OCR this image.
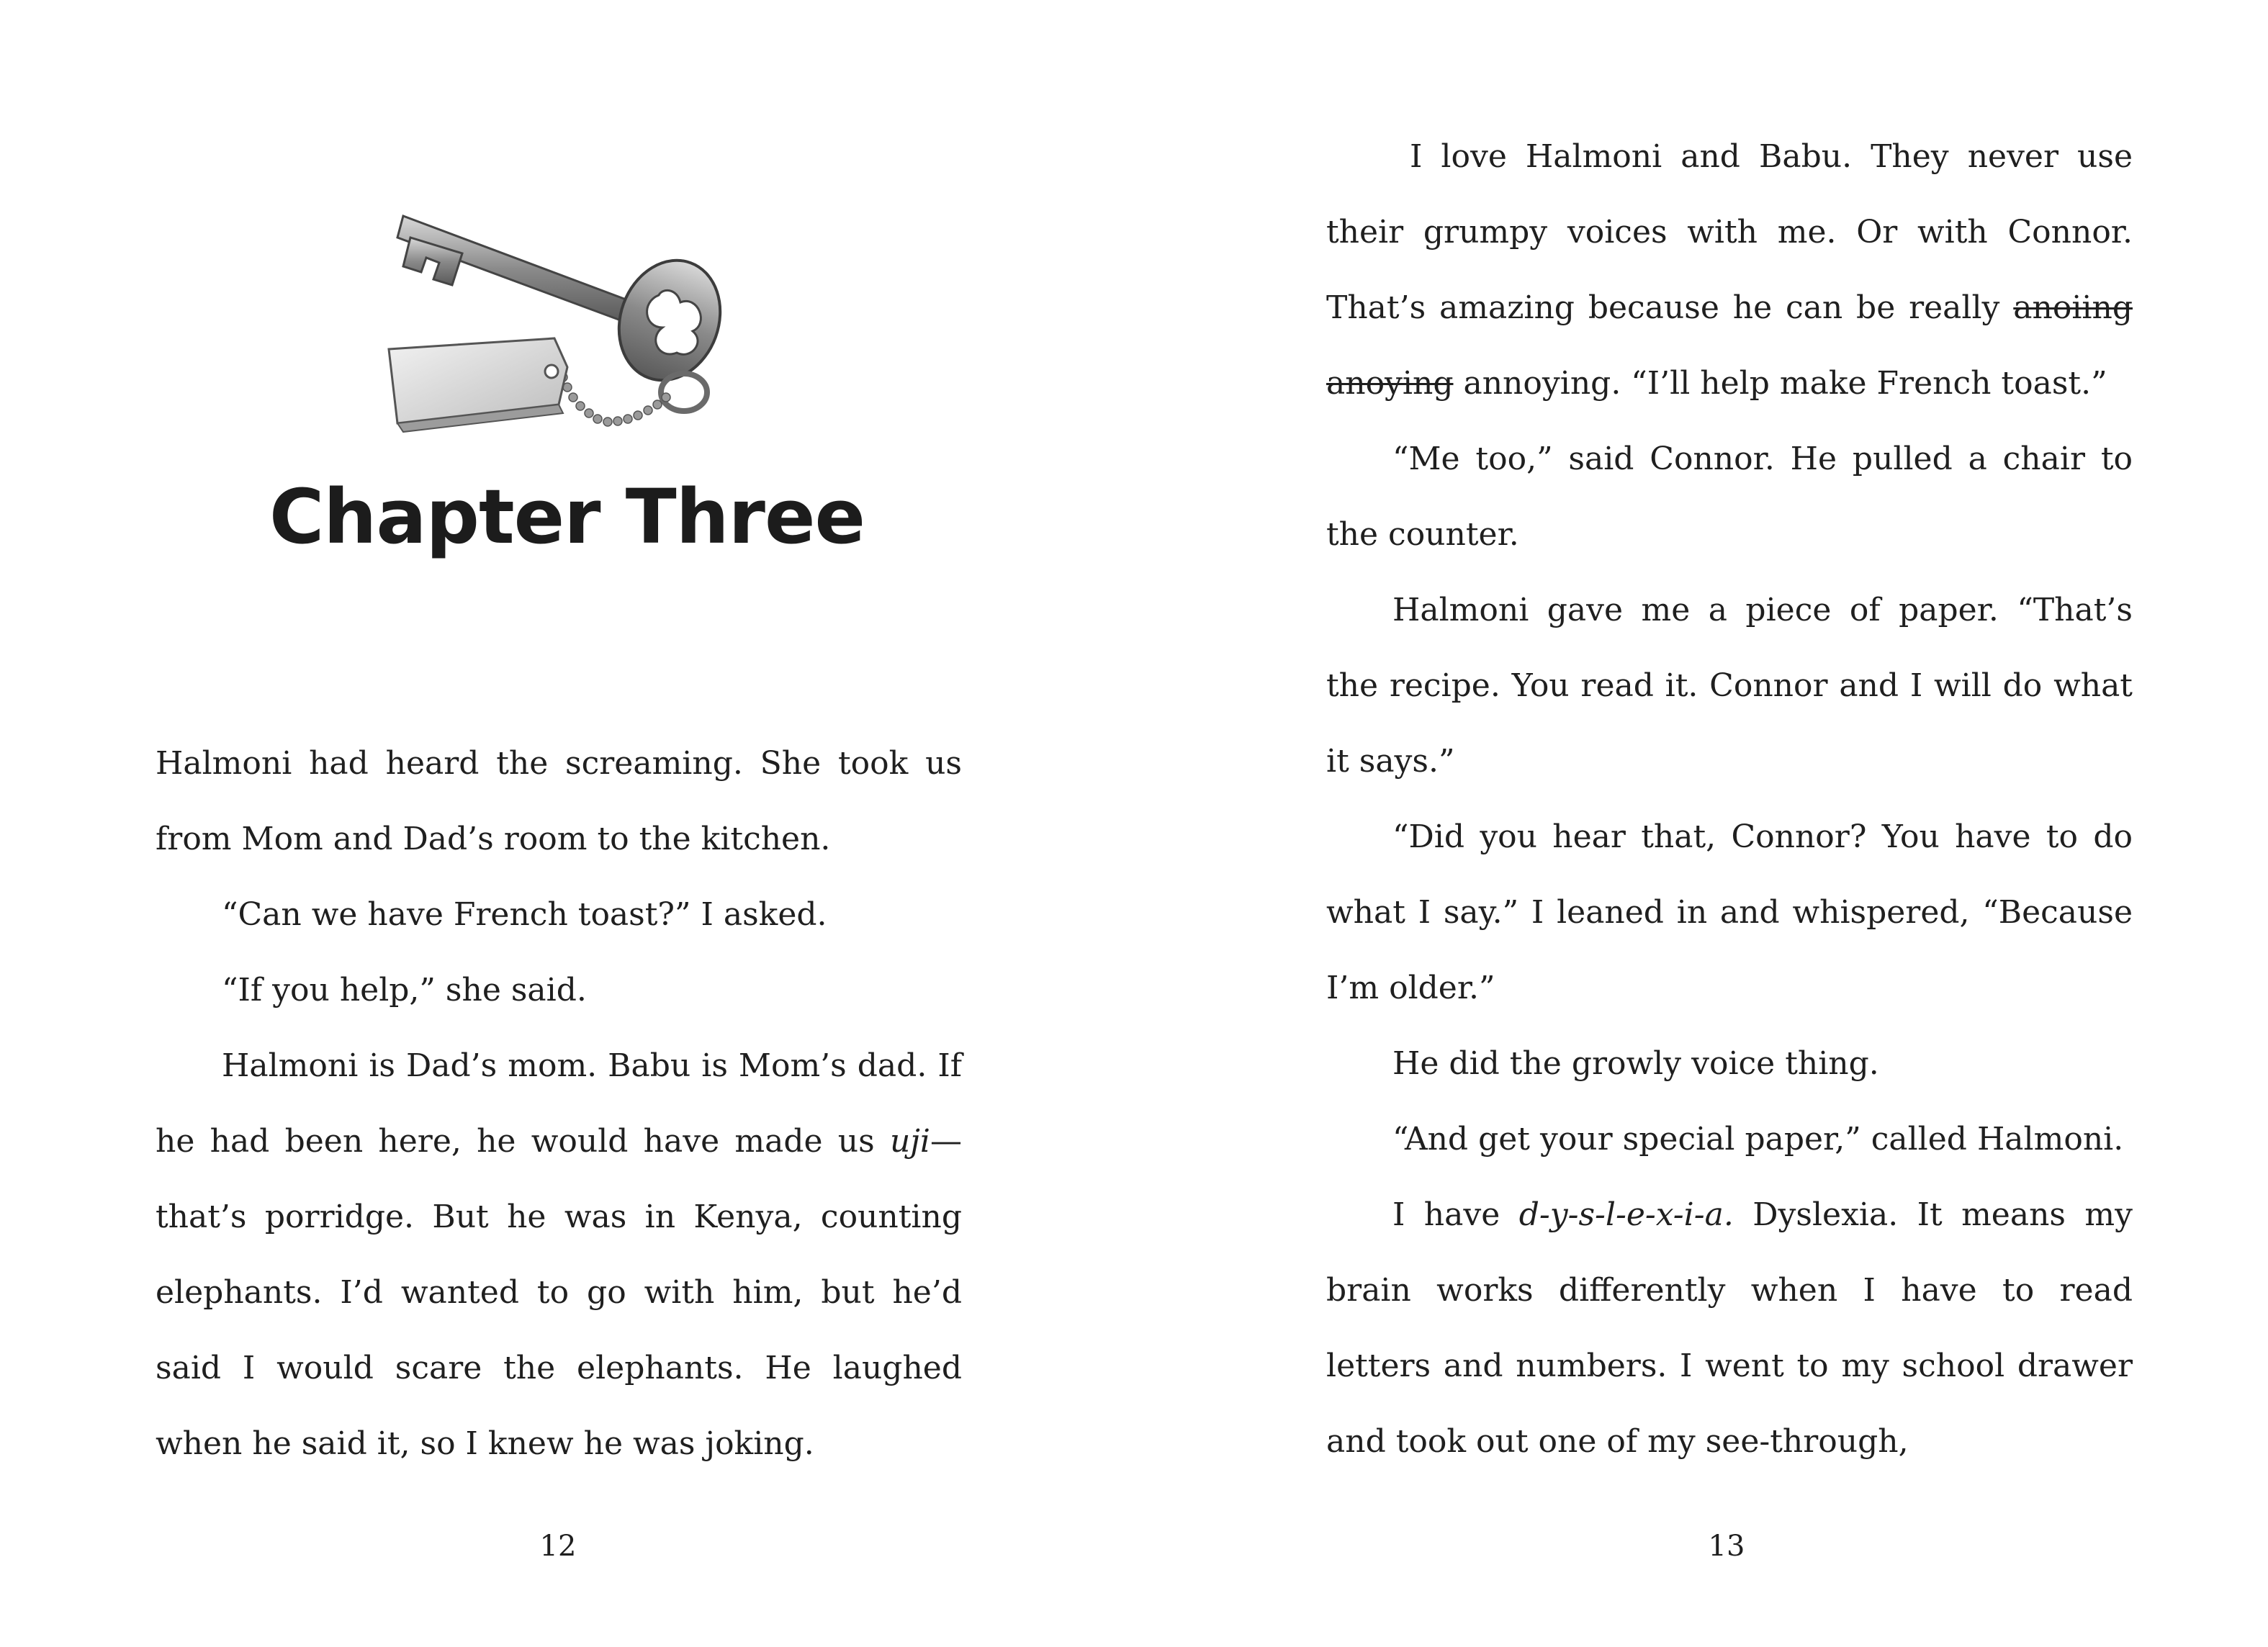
Chapter Three

Halmoni had heard the screaming. She took us from Mom and Dad’s room to the kitchen.

“Can we have French toast?” I asked.

“If you help,” she said.

Halmoni is Dad’s mom. Babu is Mom’s dad. If he had been here, he would have made us uji— that’s porridge. But he was in Kenya, counting elephants. I’d wanted to go with him, but he’d said I would scare the elephants. He laughed when he said it, so I knew he was joking.

12

I love Halmoni and Babu. They never use their grumpy voices with me. Or with Connor. That’s amazing because he can be really anoiing anoying annoying. “I’ll help make French toast.”

“Me too,” said Connor. He pulled a chair to the counter.

Halmoni gave me a piece of paper. “That’s the recipe. You read it. Connor and I will do what it says.”

“Did you hear that, Connor? You have to do what I say.” I leaned in and whispered, “Because I’m older.”

He did the growly voice thing.

“And get your special paper,” called Halmoni.

I have d-y-s-l-e-x-i-a. Dyslexia. It means my brain works differently when I have to read letters and numbers. I went to my school drawer and took out one of my see-through,

13
